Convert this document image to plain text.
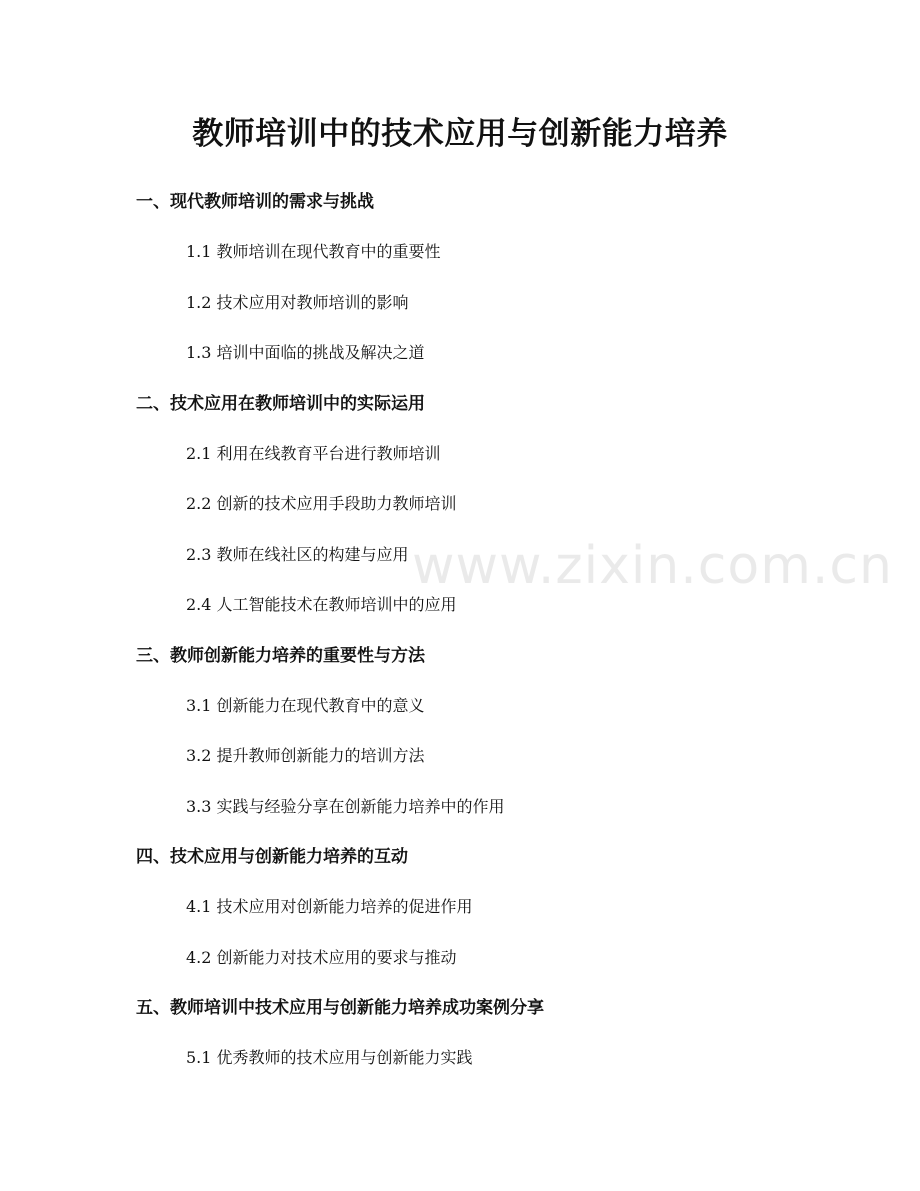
教师培训中的技术应用与创新能力培养
一、现代教师培训的需求与挑战
1.1 教师培训在现代教育中的重要性
1.2 技术应用对教师培训的影响
1.3 培训中面临的挑战及解决之道
二、技术应用在教师培训中的实际运用
2.1 利用在线教育平台进行教师培训
2.2 创新的技术应用手段助力教师培训
2.3 教师在线社区的构建与应用
2.4 人工智能技术在教师培训中的应用
三、教师创新能力培养的重要性与方法
3.1 创新能力在现代教育中的意义
3.2 提升教师创新能力的培训方法
3.3 实践与经验分享在创新能力培养中的作用
四、技术应用与创新能力培养的互动
4.1 技术应用对创新能力培养的促进作用
4.2 创新能力对技术应用的要求与推动
五、教师培训中技术应用与创新能力培养成功案例分享
5.1 优秀教师的技术应用与创新能力实践
www.zixin.com.cn
